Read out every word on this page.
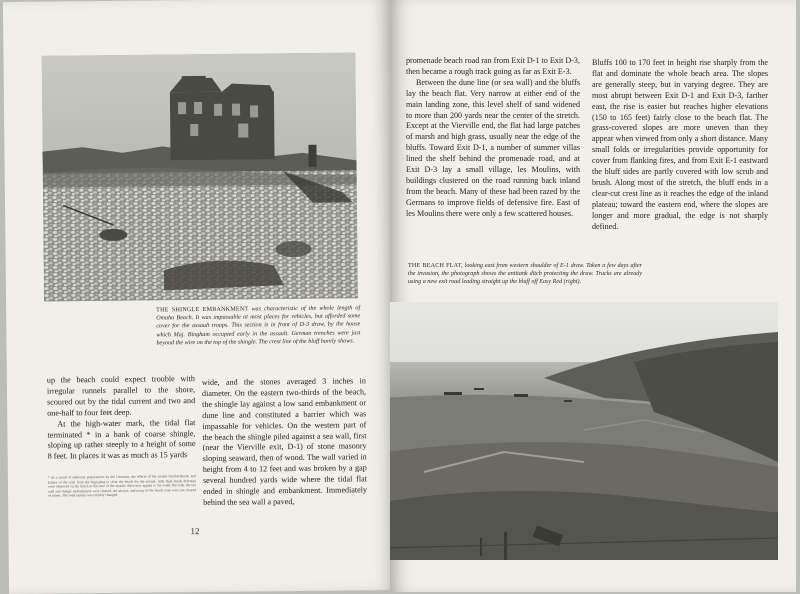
THE SHINGLE EMBANKMENT was characteristic of the whole length of Omaha Beach. It was impassable at most places for vehicles, but afforded some cover for the assault troops. This section is in front of D-3 draw, by the house which Maj. Bingham occupied early in the assault. German trenches were just beyond the wire on the top of the shingle. The crest line of the bluff barely shows.

up the beach could expect trouble with irregular runnels parallel to the shore, scoured out by the tidal current and two and one-half to four feet deep.

At the high-water mark, the tidal flat terminated * in a bank of coarse shingle, sloping up rather steeply to a height of some 8 feet. In places it was as much as 15 yards

* As a result of elaborate preparations by the Germans, the effects of the assault bombardment, and failure of the craft from the beginning to clear the beach for the assault, little fluid beach defenses were observed on the beach at the time of the assault; there now appear to the south. Records, the sea wall and shingle embankment were cleared, not always, and many of the beach exits were not cleared of mines. The road system was entirely changed.

wide, and the stones averaged 3 inches in diameter. On the eastern two-thirds of the beach, the shingle lay against a low sand embankment or dune line and constituted a barrier which was impassable for vehicles. On the western part of the beach the shingle piled against a sea wall, first (near the Vierville exit, D-1) of stone masonry sloping seaward, then of wood. The wall varied in height from 4 to 12 feet and was broken by a gap several hundred yards wide where the tidal flat ended in shingle and embankment. Immediately behind the sea wall a paved,

12

promenade beach road ran from Exit D-1 to Exit D-3, then became a rough track going as far as Exit E-3.

Between the dune line (or sea wall) and the bluffs lay the beach flat. Very narrow at either end of the main landing zone, this level shelf of sand widened to more than 200 yards near the center of the stretch. Except at the Vierville end, the flat had large patches of marsh and high grass, usually near the edge of the bluffs. Toward Exit D-1, a number of summer villas lined the shelf behind the promenade road, and at Exit D-3 lay a small village, les Moulins, with buildings clustered on the road running back inland from the beach. Many of these had been razed by the Germans to improve fields of defensive fire. East of les Moulins there were only a few scattered houses.

Bluffs 100 to 170 feet in height rise sharply from the flat and dominate the whole beach area. The slopes are generally steep, but in varying degree. They are most abrupt between Exit D-1 and Exit D-3, farther east, the rise is easier but reaches higher elevations (150 to 165 feet) fairly close to the beach flat. The grass-covered slopes are more uneven than they appear when viewed from only a short distance. Many small folds or irregularities provide opportunity for cover from flanking fires, and from Exit E-1 eastward the bluff sides are partly covered with low scrub and brush. Along most of the stretch, the bluff ends in a clear-cut crest line as it reaches the edge of the inland plateau; toward the eastern end, where the slopes are longer and more gradual, the edge is not sharply defined.

THE BEACH FLAT, looking east from western shoulder of E-1 draw. Taken a few days after the invasion, the photograph shows the antitank ditch protecting the draw. Trucks are already using a new exit road leading straight up the bluff off Easy Red (right).
